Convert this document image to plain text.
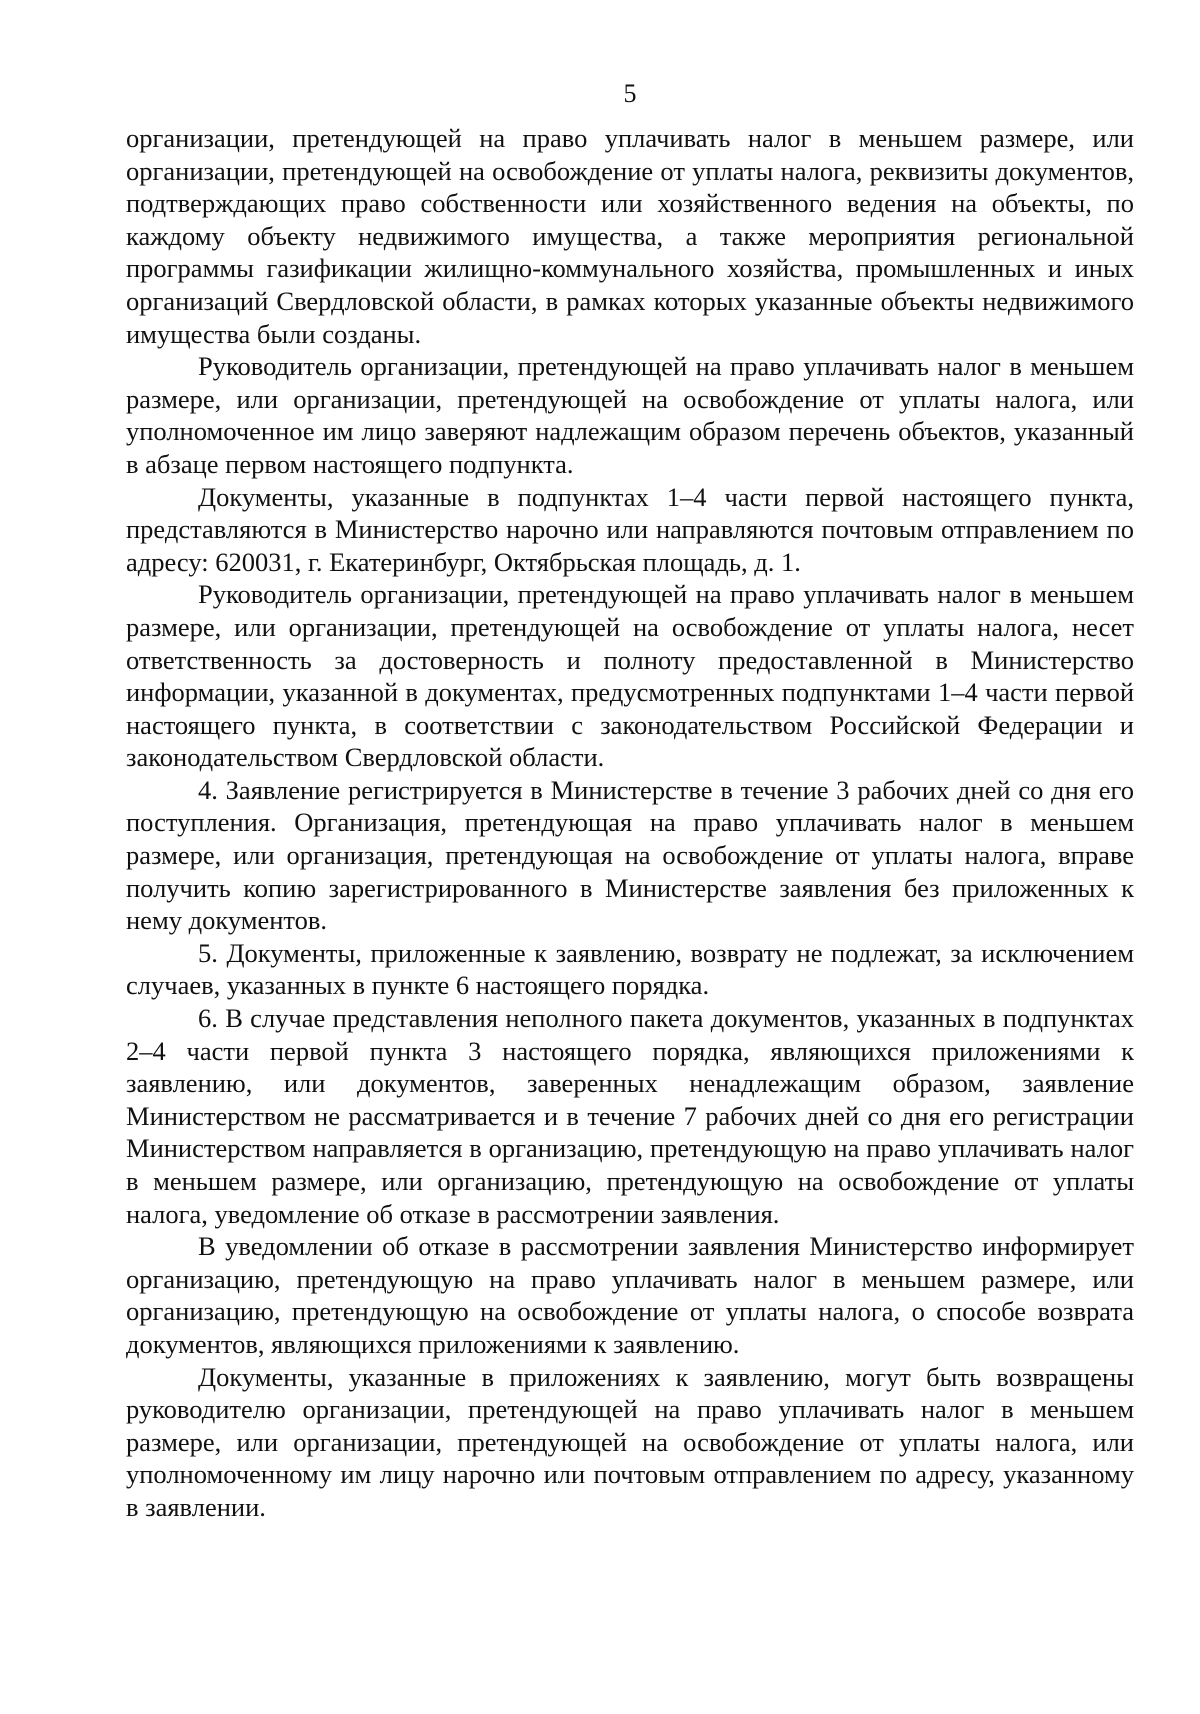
5

организации, претендующей на право уплачивать налог в меньшем размере, или организации, претендующей на освобождение от уплаты налога, реквизиты документов, подтверждающих право собственности или хозяйственного ведения на объекты, по каждому объекту недвижимого имущества, а также мероприятия региональной программы газификации жилищно-коммунального хозяйства, промышленных и иных организаций Свердловской области, в рамках которых указанные объекты недвижимого имущества были созданы.

Руководитель организации, претендующей на право уплачивать налог в меньшем размере, или организации, претендующей на освобождение от уплаты налога, или уполномоченное им лицо заверяют надлежащим образом перечень объектов, указанный в абзаце первом настоящего подпункта.

Документы, указанные в подпунктах 1–4 части первой настоящего пункта, представляются в Министерство нарочно или направляются почтовым отправлением по адресу: 620031, г. Екатеринбург, Октябрьская площадь, д. 1.

Руководитель организации, претендующей на право уплачивать налог в меньшем размере, или организации, претендующей на освобождение от уплаты налога, несет ответственность за достоверность и полноту предоставленной в Министерство информации, указанной в документах, предусмотренных подпунктами 1–4 части первой настоящего пункта, в соответствии с законодательством Российской Федерации и законодательством Свердловской области.

4. Заявление регистрируется в Министерстве в течение 3 рабочих дней со дня его поступления. Организация, претендующая на право уплачивать налог в меньшем размере, или организация, претендующая на освобождение от уплаты налога, вправе получить копию зарегистрированного в Министерстве заявления без приложенных к нему документов.

5. Документы, приложенные к заявлению, возврату не подлежат, за исключением случаев, указанных в пункте 6 настоящего порядка.

6. В случае представления неполного пакета документов, указанных в подпунктах 2–4 части первой пункта 3 настоящего порядка, являющихся приложениями к заявлению, или документов, заверенных ненадлежащим образом, заявление Министерством не рассматривается и в течение 7 рабочих дней со дня его регистрации Министерством направляется в организацию, претендующую на право уплачивать налог в меньшем размере, или организацию, претендующую на освобождение от уплаты налога, уведомление об отказе в рассмотрении заявления.

В уведомлении об отказе в рассмотрении заявления Министерство информирует организацию, претендующую на право уплачивать налог в меньшем размере, или организацию, претендующую на освобождение от уплаты налога, о способе возврата документов, являющихся приложениями к заявлению.

Документы, указанные в приложениях к заявлению, могут быть возвращены руководителю организации, претендующей на право уплачивать налог в меньшем размере, или организации, претендующей на освобождение от уплаты налога, или уполномоченному им лицу нарочно или почтовым отправлением по адресу, указанному в заявлении.
